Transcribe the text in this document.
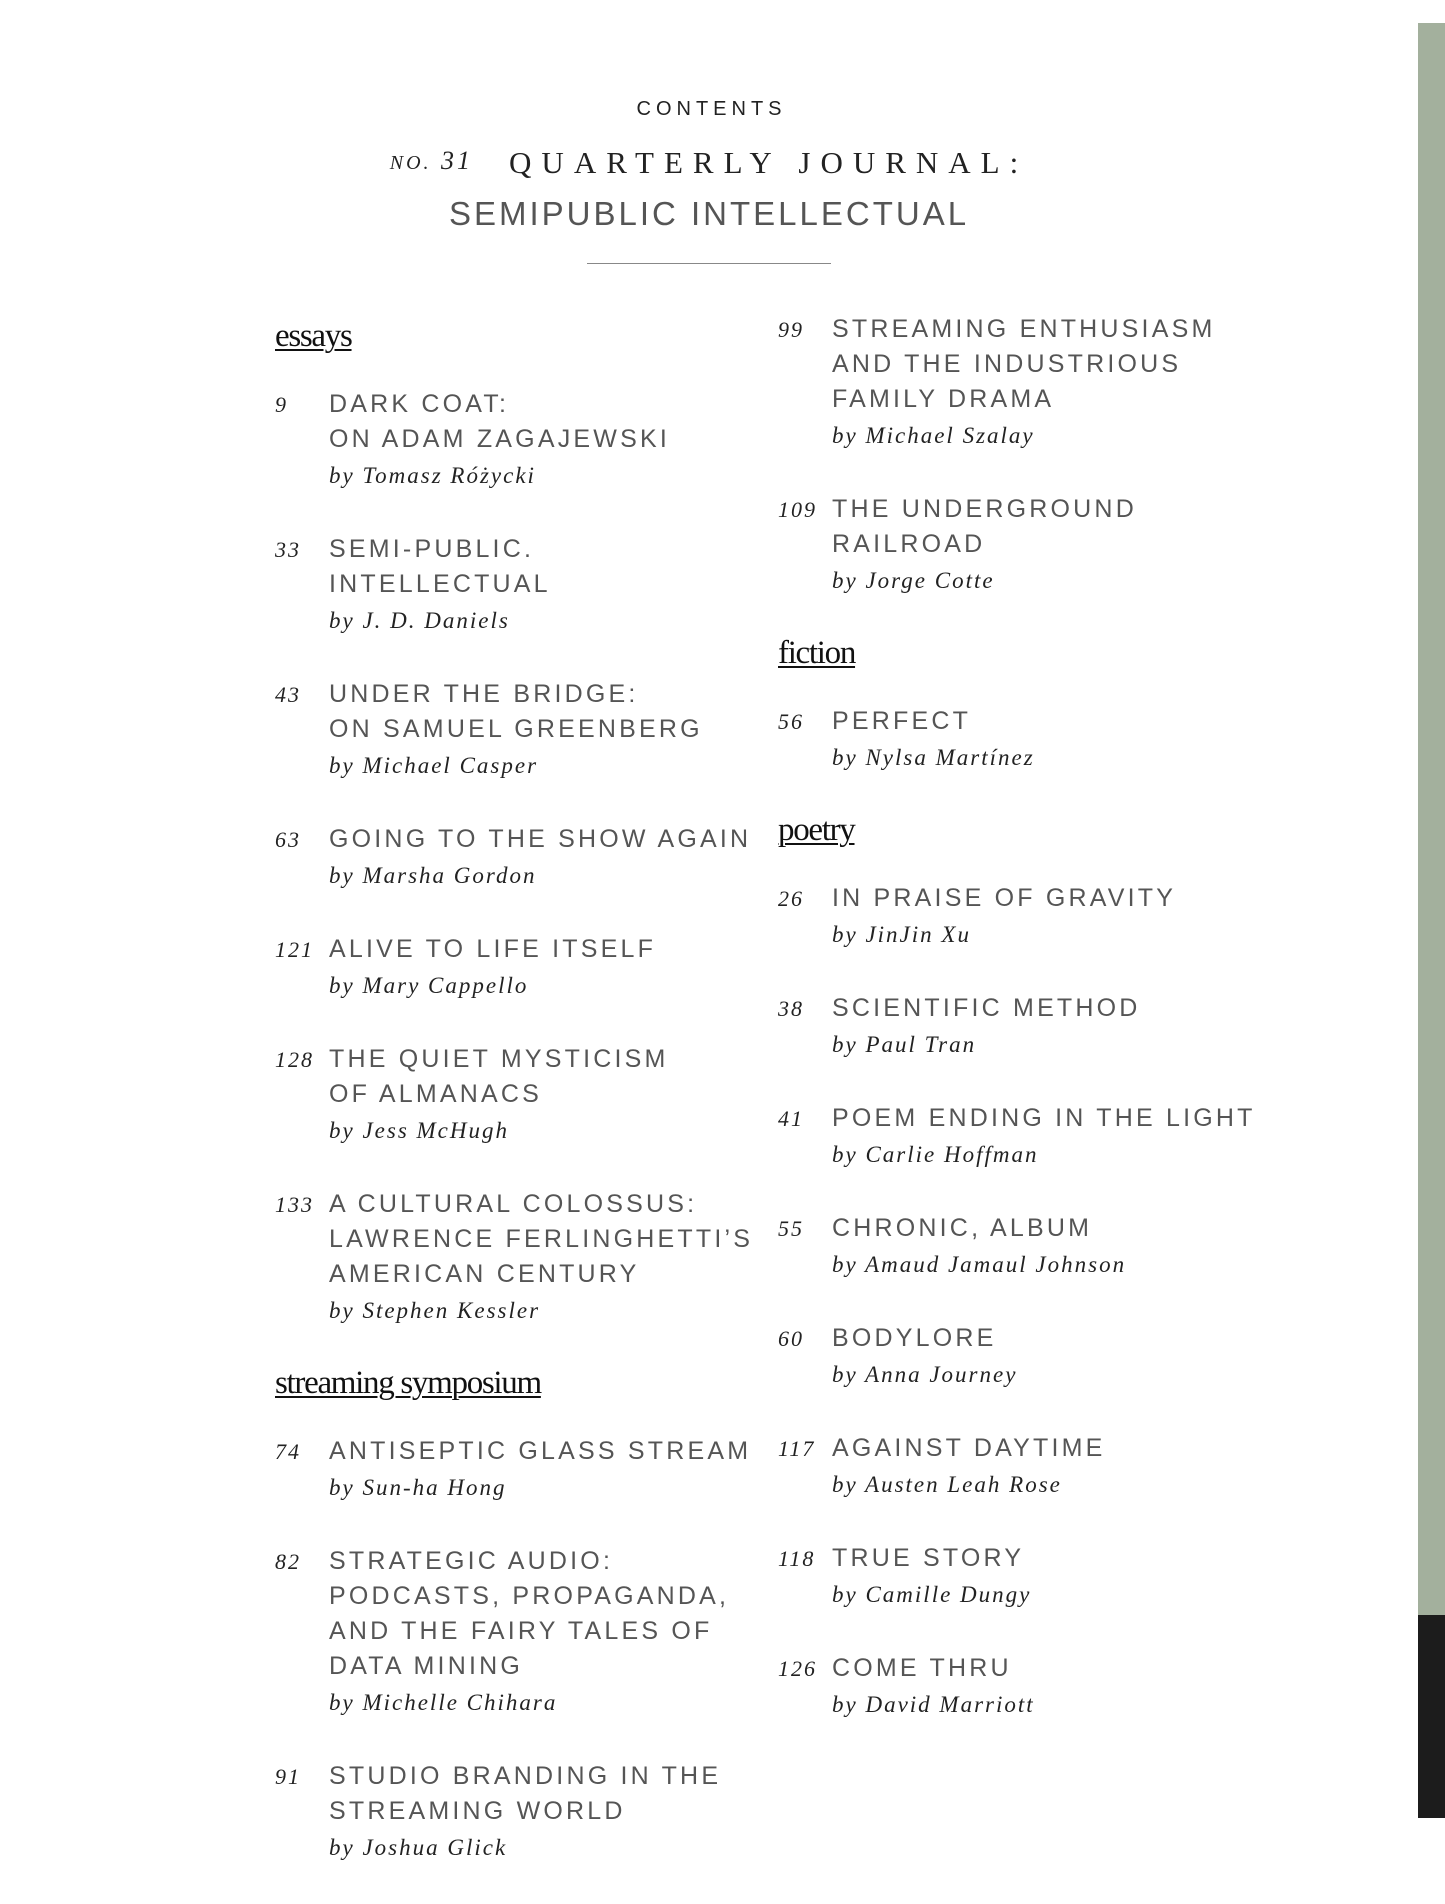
CONTENTS

NO. 31 QUARTERLY JOURNAL:
SEMIPUBLIC INTELLECTUAL
essays
9	DARK COAT:
ON ADAM ZAGAJEWSKI
by Tomasz Różycki
33	SEMI-PUBLIC. INTELLECTUAL
by J. D. Daniels
43	UNDER THE BRIDGE:
ON SAMUEL GREENBERG
by Michael Casper
63	GOING TO THE SHOW AGAIN
by Marsha Gordon
121 ALIVE TO LIFE ITSELF
by Mary Cappello
128 THE QUIET MYSTICISM
OF ALMANACS
by Jess McHugh
133 A CULTURAL COLOSSUS:
LAWRENCE FERLINGHETTI’S
AMERICAN CENTURY
by Stephen Kessler
streaming symposium
74	ANTISEPTIC GLASS STREAM
by Sun-ha Hong
82	STRATEGIC AUDIO:
PODCASTS, PROPAGANDA,
AND THE FAIRY TALES OF
DATA MINING
by Michelle Chihara
91	STUDIO BRANDING IN THE
STREAMING WORLD
by Joshua Glick
99	STREAMING ENTHUSIASM
AND THE INDUSTRIOUS
FAMILY DRAMA
by Michael Szalay
109 THE UNDERGROUND
RAILROAD
by Jorge Cotte
fiction
56	PERFECT
by Nylsa Martínez
poetry
26	IN PRAISE OF GRAVITY
by JinJin Xu
38	SCIENTIFIC METHOD
by Paul Tran
41	POEM ENDING IN THE LIGHT
by Carlie Hoffman
55	CHRONIC, ALBUM
by Amaud Jamaul Johnson
60	BODYLORE
by Anna Journey
117 AGAINST DAYTIME
by Austen Leah Rose
118 TRUE STORY
by Camille Dungy
126 COME THRU
by David Marriott
